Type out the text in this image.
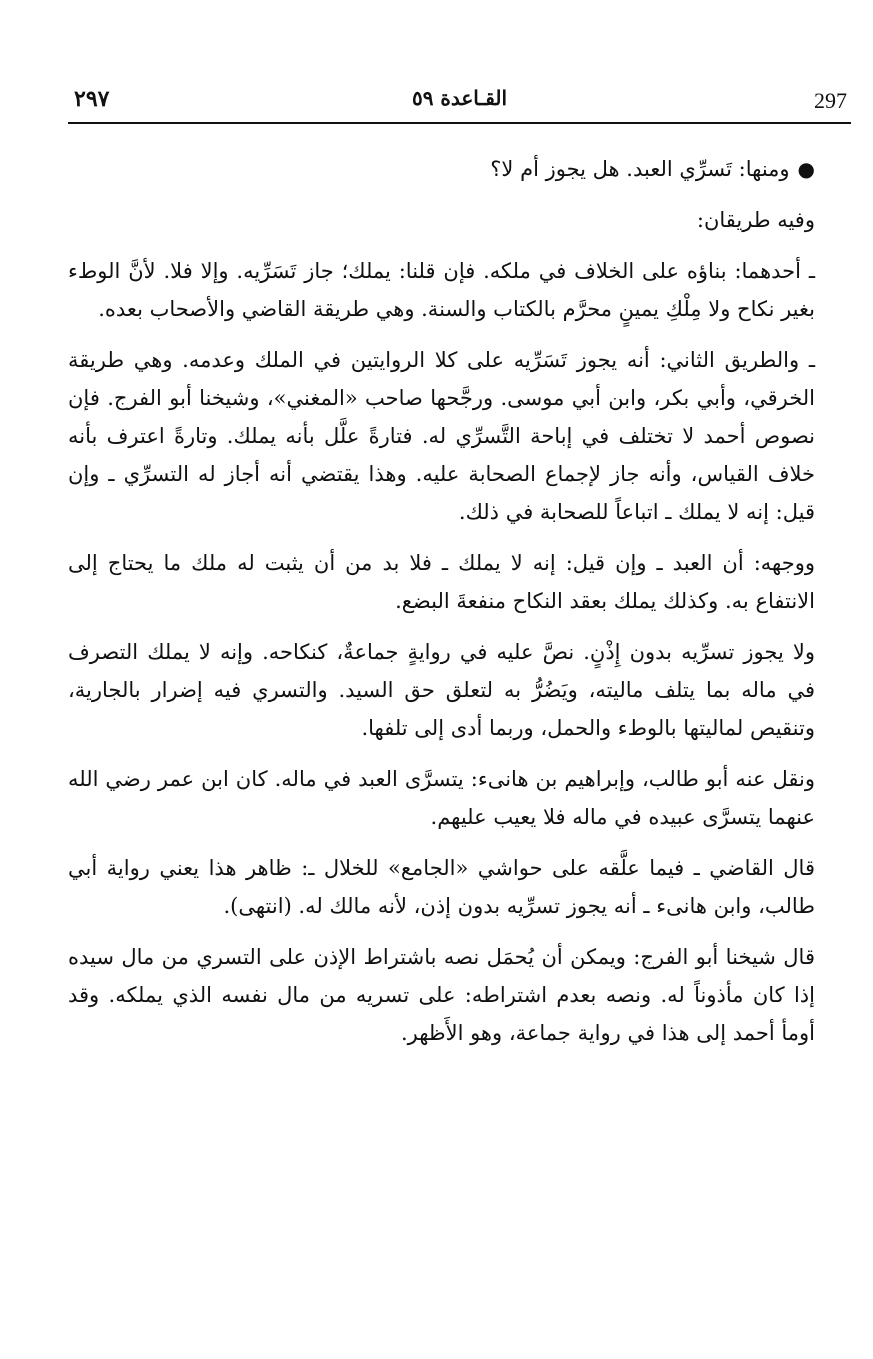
297
القـاعدة ٥٩
٢٩٧

●ومنها: تَسرِّي العبد. هل يجوز أم لا؟

وفيه طريقان:

ـ أحدهما: بناؤه على الخلاف في ملكه. فإن قلنا: يملك؛ جاز تَسَرِّيه. وإلا فلا. لأنَّ الوطء بغير نكاح ولا مِلْكِ يمينٍ محرَّم بالكتاب والسنة. وهي طريقة القاضي والأصحاب بعده.

ـ والطريق الثاني: أنه يجوز تَسَرِّيه على كلا الروايتين في الملك وعدمه. وهي طريقة الخرقي، وأبي بكر، وابن أبي موسى. ورجَّحها صاحب «المغني»، وشيخنا أبو الفرج. فإن نصوص أحمد لا تختلف في إباحة التَّسرِّي له. فتارةً علَّل بأنه يملك. وتارةً اعترف بأنه خلاف القياس، وأنه جاز لإجماع الصحابة عليه. وهذا يقتضي أنه أجاز له التسرِّي ـ وإن قيل: إنه لا يملك ـ اتباعاً للصحابة في ذلك.

ووجهه: أن العبد ـ وإن قيل: إنه لا يملك ـ فلا بد من أن يثبت له ملك ما يحتاج إلى الانتفاع به. وكذلك يملك بعقد النكاح منفعةَ البضع.

ولا يجوز تسرِّيه بدون إِذْنٍ. نصَّ عليه في روايةٍ جماعةٌ، كنكاحه. وإنه لا يملك التصرف في ماله بما يتلف ماليته، ويَضُرُّ به لتعلق حق السيد. والتسري فيه إضرار بالجارية، وتنقيص لماليتها بالوطء والحمل، وربما أدى إلى تلفها.

ونقل عنه أبو طالب، وإبراهيم بن هانىء: يتسرَّى العبد في ماله. كان ابن عمر رضي الله عنهما يتسرَّى عبيده في ماله فلا يعيب عليهم.

قال القاضي ـ فيما علَّقه على حواشي «الجامع» للخلال ـ: ظاهر هذا يعني رواية أبي طالب، وابن هانىء ـ أنه يجوز تسرِّيه بدون إذن، لأنه مالك له. (انتهى).

قال شيخنا أبو الفرج: ويمكن أن يُحمَل نصه باشتراط الإذن على التسري من مال سيده إذا كان مأذوناً له. ونصه بعدم اشتراطه: على تسريه من مال نفسه الذي يملكه. وقد أومأ أحمد إلى هذا في رواية جماعة، وهو الأَظهر.
